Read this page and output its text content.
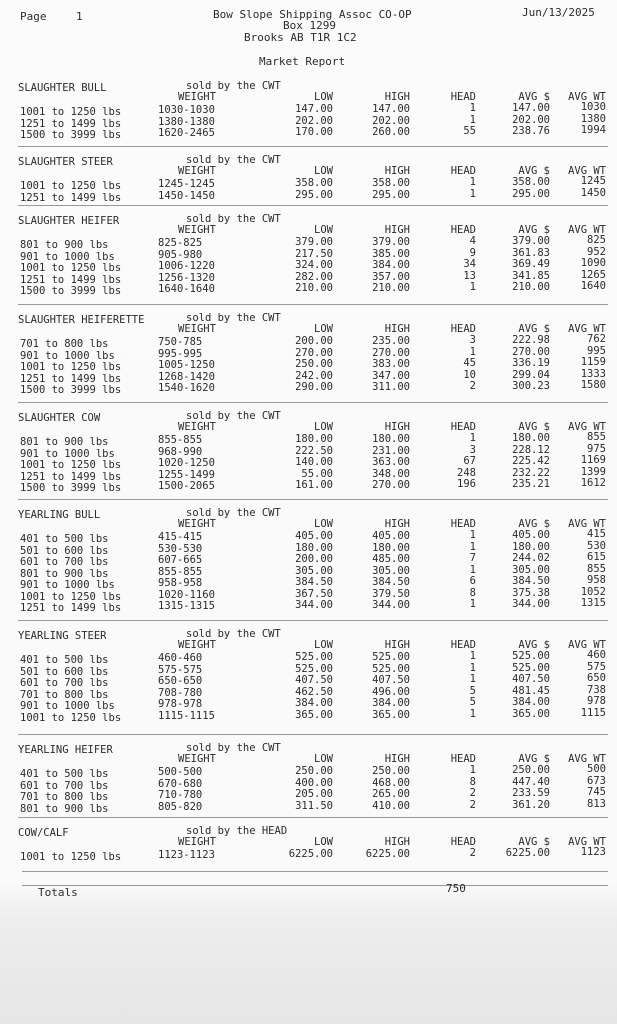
Page	1	Bow Slope Shipping Assoc CO-OP	Jun/13/2025
Box 1299
Brooks AB T1R 1C2
Market Report
SLAUGHTER BULL	sold by the CWT
WEIGHT	LOW	HIGH	HEAD	AVG $	AVG WT
1001 to 1250 lbs	1030-1030	147.00	147.00	1	147.00	1030
1251 to 1499 lbs	1380-1380	202.00	202.00	1	202.00	1380
1500 to 3999 lbs	1620-2465	170.00	260.00	55	238.76	1994
SLAUGHTER STEER	sold by the CWT
WEIGHT	LOW	HIGH	HEAD	AVG $	AVG WT
1001 to 1250 lbs	1245-1245	358.00	358.00	1	358.00	1245
1251 to 1499 lbs	1450-1450	295.00	295.00	1	295.00	1450
SLAUGHTER HEIFER	sold by the CWT
WEIGHT	LOW	HIGH	HEAD	AVG $	AVG WT
801 to 900 lbs	825-825	379.00	379.00	4	379.00	825
901 to 1000 lbs	905-980	217.50	385.00	9	361.83	952
1001 to 1250 lbs	1006-1220	324.00	384.00	34	369.49	1090
1251 to 1499 lbs	1256-1320	282.00	357.00	13	341.85	1265
1500 to 3999 lbs	1640-1640	210.00	210.00	1	210.00	1640
SLAUGHTER HEIFERETTE	sold by the CWT
WEIGHT	LOW	HIGH	HEAD	AVG $	AVG WT
701 to 800 lbs	750-785	200.00	235.00	3	222.98	762
901 to 1000 lbs	995-995	270.00	270.00	1	270.00	995
1001 to 1250 lbs	1005-1250	250.00	383.00	45	336.19	1159
1251 to 1499 lbs	1268-1420	242.00	347.00	10	299.04	1333
1500 to 3999 lbs	1540-1620	290.00	311.00	2	300.23	1580
SLAUGHTER COW	sold by the CWT
WEIGHT	LOW	HIGH	HEAD	AVG $	AVG WT
801 to 900 lbs	855-855	180.00	180.00	1	180.00	855
901 to 1000 lbs	968-990	222.50	231.00	3	228.12	975
1001 to 1250 lbs	1020-1250	140.00	363.00	67	225.42	1169
1251 to 1499 lbs	1255-1499	55.00	348.00	248	232.22	1399
1500 to 3999 lbs	1500-2065	161.00	270.00	196	235.21	1612
YEARLING BULL	sold by the CWT
WEIGHT	LOW	HIGH	HEAD	AVG $	AVG WT
401 to 500 lbs	415-415	405.00	405.00	1	405.00	415
501 to 600 lbs	530-530	180.00	180.00	1	180.00	530
601 to 700 lbs	607-665	200.00	485.00	7	244.02	615
801 to 900 lbs	855-855	305.00	305.00	1	305.00	855
901 to 1000 lbs	958-958	384.50	384.50	6	384.50	958
1001 to 1250 lbs	1020-1160	367.50	379.50	8	375.38	1052
1251 to 1499 lbs	1315-1315	344.00	344.00	1	344.00	1315
YEARLING STEER	sold by the CWT
WEIGHT	LOW	HIGH	HEAD	AVG $	AVG WT
401 to 500 lbs	460-460	525.00	525.00	1	525.00	460
501 to 600 lbs	575-575	525.00	525.00	1	525.00	575
601 to 700 lbs	650-650	407.50	407.50	1	407.50	650
701 to 800 lbs	708-780	462.50	496.00	5	481.45	738
901 to 1000 lbs	978-978	384.00	384.00	5	384.00	978
1001 to 1250 lbs	1115-1115	365.00	365.00	1	365.00	1115
YEARLING HEIFER	sold by the CWT
WEIGHT	LOW	HIGH	HEAD	AVG $	AVG WT
401 to 500 lbs	500-500	250.00	250.00	1	250.00	500
601 to 700 lbs	670-680	400.00	468.00	8	447.40	673
701 to 800 lbs	710-780	205.00	265.00	2	233.59	745
801 to 900 lbs	805-820	311.50	410.00	2	361.20	813
COW/CALF	sold by the HEAD
WEIGHT	LOW	HIGH	HEAD	AVG $	AVG WT
1001 to 1250 lbs	1123-1123	6225.00	6225.00	2	6225.00	1123
Totals	750
